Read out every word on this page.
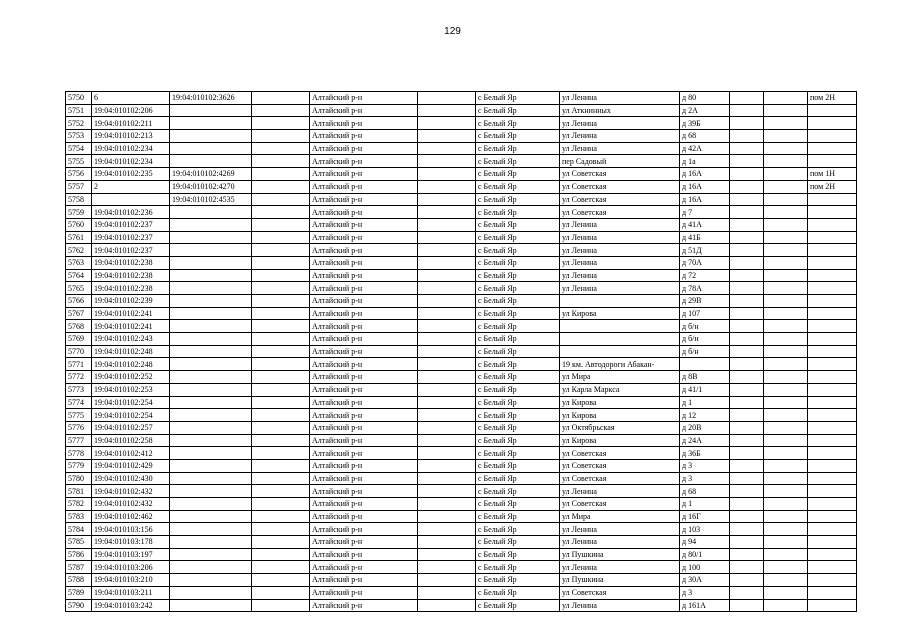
129
5750	6	19:04:010102:3626		Алтайский р-н		с Белый Яр	ул Ленина	д 80			пом 2Н
5751	19:04:010102:206			Алтайский р-н		с Белый Яр	ул Аткнинных	д 2А			
5752	19:04:010102:211			Алтайский р-н		с Белый Яр	ул Ленина	д 39Б			
5753	19:04:010102:213			Алтайский р-н		с Белый Яр	ул Ленина	д 68			
5754	19:04:010102:234			Алтайский р-н		с Белый Яр	ул Ленина	д 42А			
5755	19:04:010102:234			Алтайский р-н		с Белый Яр	пер Садовый	д 1а			
5756	19:04:010102:235	19:04:010102:4269		Алтайский р-н		с Белый Яр	ул Советская	д 16А			пом 1Н
5757	2	19:04:010102:4270		Алтайский р-н		с Белый Яр	ул Советская	д 16А			пом 2Н
5758		19:04:010102:4535		Алтайский р-н		с Белый Яр	ул Советская	д 16А			
5759	19:04:010102:236			Алтайский р-н		с Белый Яр	ул Советская	д 7			
5760	19:04:010102:237			Алтайский р-н		с Белый Яр	ул Ленина	д 41А			
5761	19:04:010102:237			Алтайский р-н		с Белый Яр	ул Ленина	д 41Б			
5762	19:04:010102:237			Алтайский р-н		с Белый Яр	ул Ленина	д 51Д			
5763	19:04:010102:238			Алтайский р-н		с Белый Яр	ул Ленина	д 70А			
5764	19:04:010102:238			Алтайский р-н		с Белый Яр	ул Ленина	д 72			
5765	19:04:010102:238			Алтайский р-н		с Белый Яр	ул Ленина	д 78А			
5766	19:04:010102:239			Алтайский р-н		с Белый Яр		д 29В			
5767	19:04:010102:241			Алтайский р-н		с Белый Яр	ул Кирова	д 107			
5768	19:04:010102:241			Алтайский р-н		с Белый Яр		д б/н			
5769	19:04:010102:243			Алтайский р-н		с Белый Яр		д б/н			
5770	19:04:010102:248			Алтайский р-н		с Белый Яр		д б/н			
5771	19:04:010102:248			Алтайский р-н		с Белый Яр	19 км. Автодороги Абакан-				
5772	19:04:010102:252			Алтайский р-н		с Белый Яр	ул Мира	д 8В			
5773	19:04:010102:253			Алтайский р-н		с Белый Яр	ул Карла Маркса	д 41/1			
5774	19:04:010102:254			Алтайский р-н		с Белый Яр	ул Кирова	д 1			
5775	19:04:010102:254			Алтайский р-н		с Белый Яр	ул Кирова	д 12			
5776	19:04:010102:257			Алтайский р-н		с Белый Яр	ул Октябрьская	д 20В			
5777	19:04:010102:258			Алтайский р-н		с Белый Яр	ул Кирова	д 24А			
5778	19:04:010102:412			Алтайский р-н		с Белый Яр	ул Советская	д 36Б			
5779	19:04:010102:429			Алтайский р-н		с Белый Яр	ул Советская	д 3			
5780	19:04:010102:430			Алтайский р-н		с Белый Яр	ул Советская	д 3			
5781	19:04:010102:432			Алтайский р-н		с Белый Яр	ул Ленина	д 68			
5782	19:04:010102:432			Алтайский р-н		с Белый Яр	ул Советская	д 1			
5783	19:04:010102:462			Алтайский р-н		с Белый Яр	ул Мира	д 16Г			
5784	19:04:010103:156			Алтайский р-н		с Белый Яр	ул Ленина	д 103			
5785	19:04:010103:178			Алтайский р-н		с Белый Яр	ул Ленина	д 94			
5786	19:04:010103:197			Алтайский р-н		с Белый Яр	ул Пушкина	д 80/1			
5787	19:04:010103:206			Алтайский р-н		с Белый Яр	ул Ленина	д 100			
5788	19:04:010103:210			Алтайский р-н		с Белый Яр	ул Пушкина	д 30А			
5789	19:04:010103:211			Алтайский р-н		с Белый Яр	ул Советская	д 3			
5790	19:04:010103:242			Алтайский р-н		с Белый Яр	ул Ленина	д 161А			
